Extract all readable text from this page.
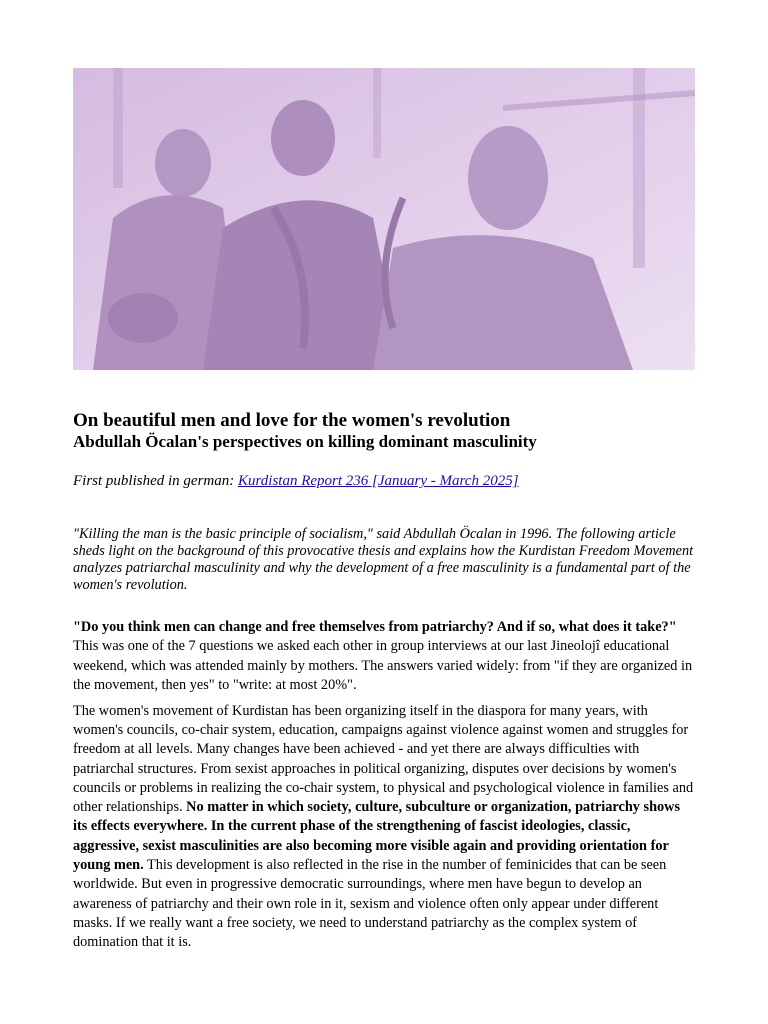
On beautiful men and love for the women's revolution
Abdullah Öcalan's perspectives on killing dominant masculinity

First published in german: Kurdistan Report 236 [January - March 2025]

"Killing the man is the basic principle of socialism," said Abdullah Öcalan in 1996. The following article sheds light on the background of this provocative thesis and explains how the Kurdistan Freedom Movement analyzes patriarchal masculinity and why the development of a free masculinity is a fundamental part of the women's revolution.

"Do you think men can change and free themselves from patriarchy? And if so, what does it take?" This was one of the 7 questions we asked each other in group interviews at our last Jineolojî educational weekend, which was attended mainly by mothers. The answers varied widely: from "if they are organized in the movement, then yes" to "write: at most 20%".

The women's movement of Kurdistan has been organizing itself in the diaspora for many years, with women's councils, co-chair system, education, campaigns against violence against women and struggles for freedom at all levels. Many changes have been achieved - and yet there are always difficulties with patriarchal structures. From sexist approaches in political organizing, disputes over decisions by women's councils or problems in realizing the co-chair system, to physical and psychological violence in families and other relationships. No matter in which society, culture, subculture or organization, patriarchy shows its effects everywhere. In the current phase of the strengthening of fascist ideologies, classic, aggressive, sexist masculinities are also becoming more visible again and providing orientation for young men. This development is also reflected in the rise in the number of feminicides that can be seen worldwide. But even in progressive democratic surroundings, where men have begun to develop an awareness of patriarchy and their own role in it, sexism and violence often only appear under different masks. If we really want a free society, we need to understand patriarchy as the complex system of domination that it is.
